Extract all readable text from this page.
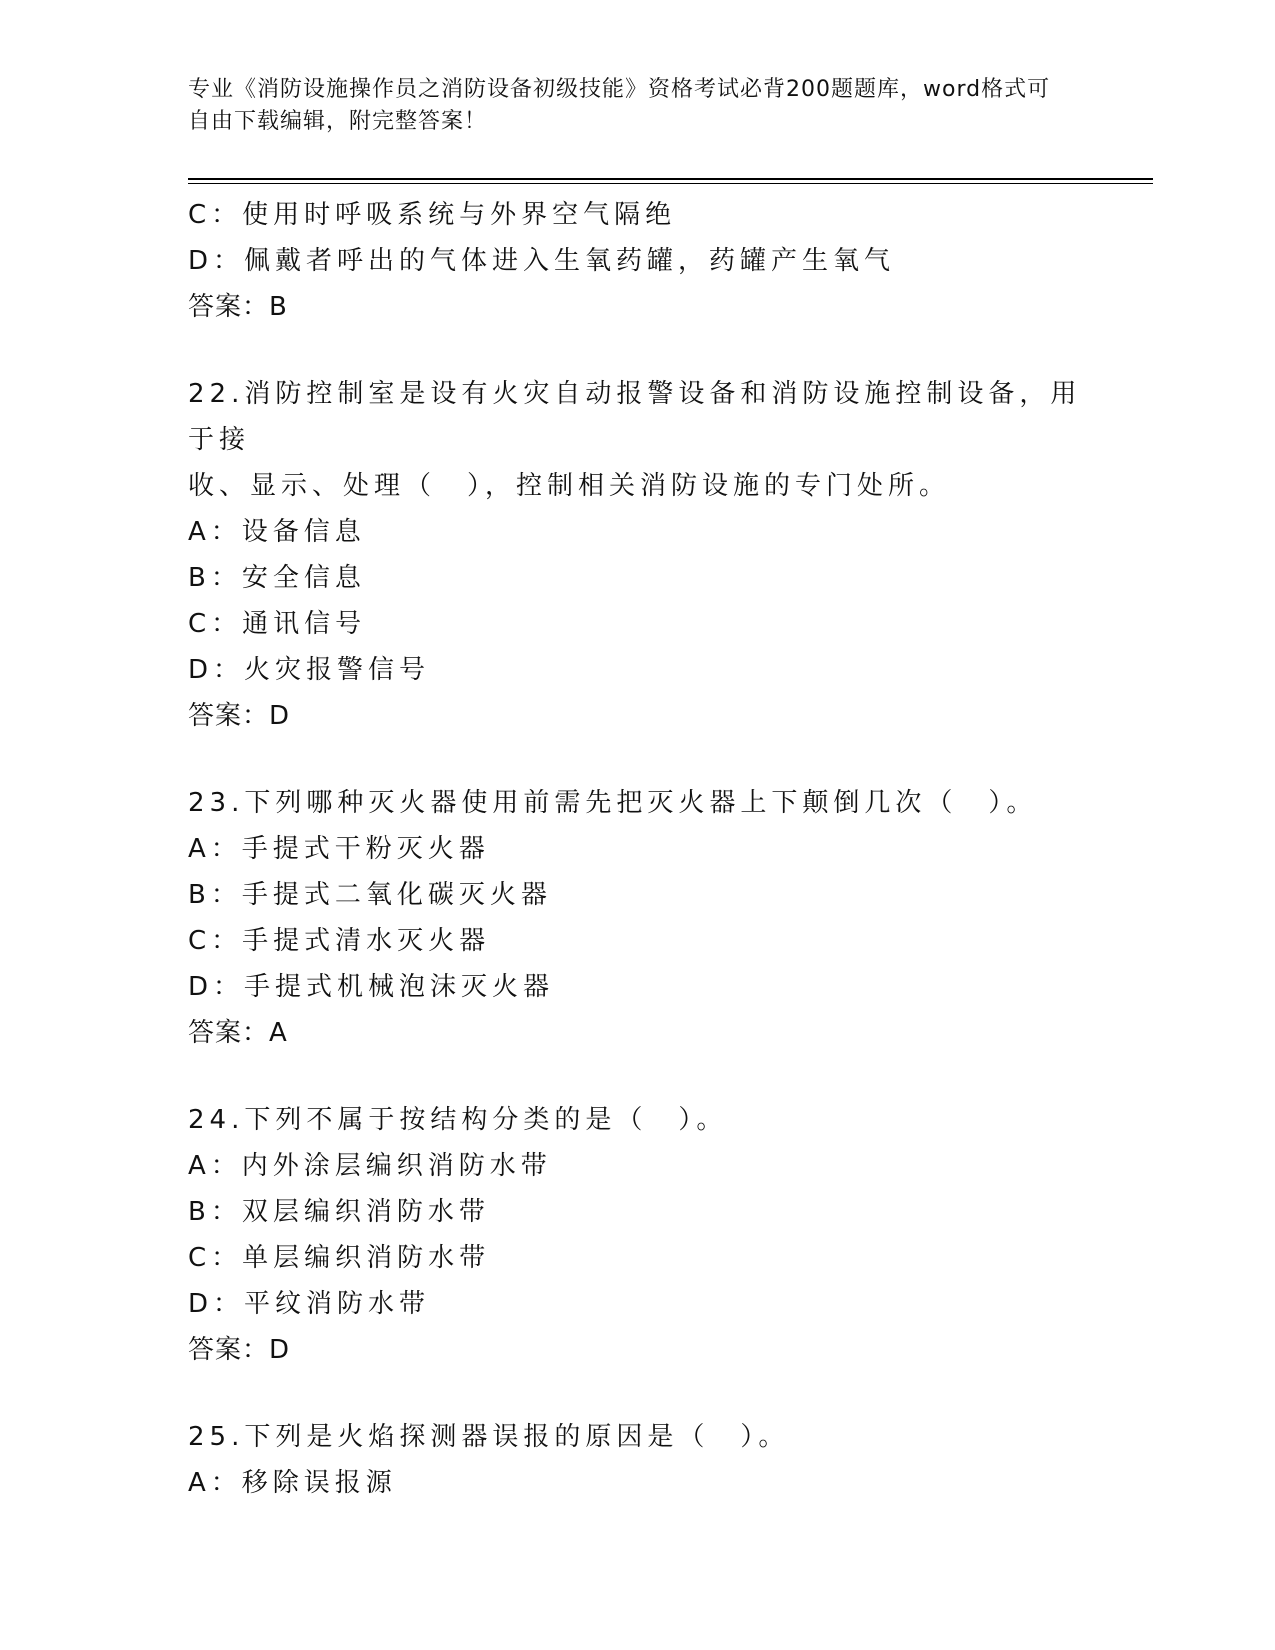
专业《消防设施操作员之消防设备初级技能》资格考试必背200题题库，word格式可自由下载编辑，附完整答案！
C：使用时呼吸系统与外界空气隔绝
D：佩戴者呼出的气体进入生氧药罐，药罐产生氧气
答案：B
22.消防控制室是设有火灾自动报警设备和消防设施控制设备，用于接
收、显示、处理（　），控制相关消防设施的专门处所。
A：设备信息
B：安全信息
C：通讯信号
D：火灾报警信号
答案：D
23.下列哪种灭火器使用前需先把灭火器上下颠倒几次（　）。
A：手提式干粉灭火器
B：手提式二氧化碳灭火器
C：手提式清水灭火器
D：手提式机械泡沫灭火器
答案：A
24.下列不属于按结构分类的是（　）。
A：内外涂层编织消防水带
B：双层编织消防水带
C：单层编织消防水带
D：平纹消防水带
答案：D
25.下列是火焰探测器误报的原因是（　）。
A：移除误报源
